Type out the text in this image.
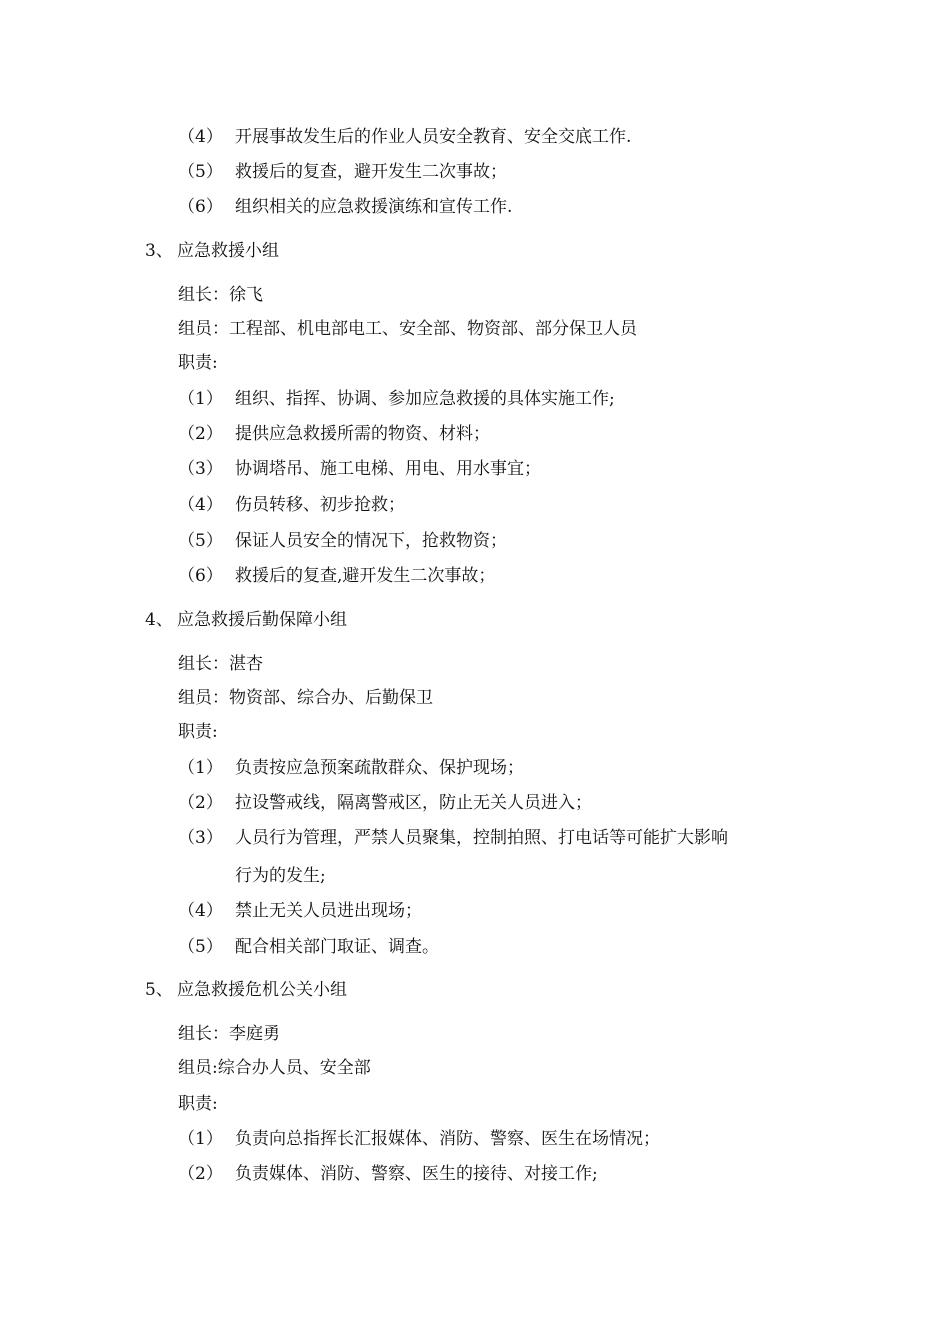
（4） 开展事故发生后的作业人员安全教育、安全交底工作.
（5） 救援后的复查，避开发生二次事故；
（6） 组织相关的应急救援演练和宣传工作.
3、 应急救援小组
组长：徐飞
组员：工程部、机电部电工、安全部、物资部、部分保卫人员
职责:
（1） 组织、指挥、协调、参加应急救援的具体实施工作;
（2） 提供应急救援所需的物资、材料；
（3） 协调塔吊、施工电梯、用电、用水事宜；
（4） 伤员转移、初步抢救；
（5） 保证人员安全的情况下，抢救物资；
（6） 救援后的复查,避开发生二次事故；
4、 应急救援后勤保障小组
组长：湛杏
组员：物资部、综合办、后勤保卫
职责:
（1） 负责按应急预案疏散群众、保护现场；
（2） 拉设警戒线，隔离警戒区，防止无关人员进入；
（3） 人员行为管理，严禁人员聚集，控制拍照、打电话等可能扩大影响
行为的发生;
（4） 禁止无关人员进出现场；
（5） 配合相关部门取证、调查。
5、 应急救援危机公关小组
组长：李庭勇
组员:综合办人员、安全部
职责:
（1） 负责向总指挥长汇报媒体、消防、警察、医生在场情况；
（2） 负责媒体、消防、警察、医生的接待、对接工作;
